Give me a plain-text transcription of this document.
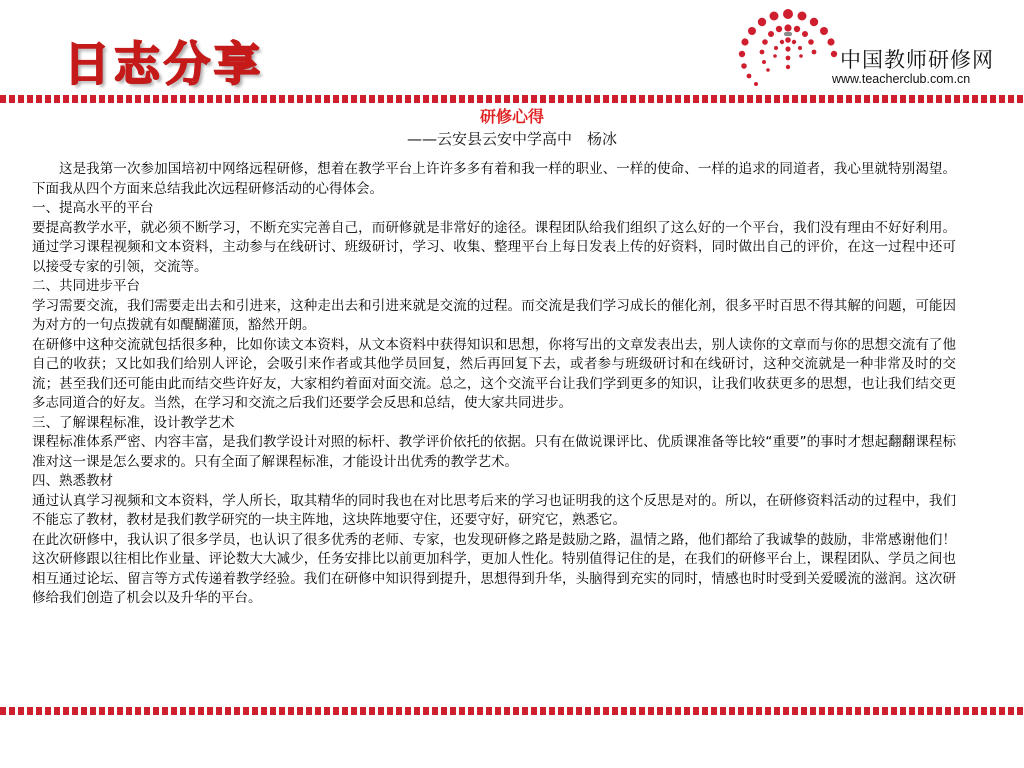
日志分享	中国教师研修网
www.teacherclub.com.cn
研修心得
——云安县云安中学高中　杨冰

这是我第一次参加国培初中网络远程研修，想着在教学平台上许许多多有着和我一样的职业、一样的使命、一样的追求的同道者，我心里就特别渴望。下面我从四个方面来总结我此次远程研修活动的心得体会。

一、提高水平的平台

要提高教学水平，就必须不断学习，不断充实完善自己，而研修就是非常好的途径。课程团队给我们组织了这么好的一个平台，我们没有理由不好好利用。通过学习课程视频和文本资料，主动参与在线研讨、班级研讨，学习、收集、整理平台上每日发表上传的好资料，同时做出自己的评价，在这一过程中还可以接受专家的引领，交流等。

二、共同进步平台

学习需要交流，我们需要走出去和引进来，这种走出去和引进来就是交流的过程。而交流是我们学习成长的催化剂，很多平时百思不得其解的问题，可能因为对方的一句点拨就有如醍醐灌顶，豁然开朗。

在研修中这种交流就包括很多种，比如你读文本资料，从文本资料中获得知识和思想，你将写出的文章发表出去，别人读你的文章而与你的思想交流有了他自己的收获；又比如我们给别人评论，会吸引来作者或其他学员回复，然后再回复下去，或者参与班级研讨和在线研讨，这种交流就是一种非常及时的交流；甚至我们还可能由此而结交些许好友，大家相约着面对面交流。总之，这个交流平台让我们学到更多的知识，让我们收获更多的思想，也让我们结交更多志同道合的好友。当然，在学习和交流之后我们还要学会反思和总结，使大家共同进步。

三、了解课程标准，设计教学艺术

课程标准体系严密、内容丰富，是我们教学设计对照的标杆、教学评价依托的依据。只有在做说课评比、优质课准备等比较“重要”的事时才想起翻翻课程标准对这一课是怎么要求的。只有全面了解课程标准，才能设计出优秀的教学艺术。

四、熟悉教材

通过认真学习视频和文本资料，学人所长，取其精华的同时我也在对比思考后来的学习也证明我的这个反思是对的。所以，在研修资料活动的过程中，我们不能忘了教材，教材是我们教学研究的一块主阵地，这块阵地要守住，还要守好，研究它，熟悉它。

在此次研修中，我认识了很多学员，也认识了很多优秀的老师、专家，也发现研修之路是鼓励之路，温情之路，他们都给了我诚挚的鼓励，非常感谢他们！这次研修跟以往相比作业量、评论数大大减少，任务安排比以前更加科学，更加人性化。特别值得记住的是，在我们的研修平台上，课程团队、学员之间也相互通过论坛、留言等方式传递着教学经验。我们在研修中知识得到提升，思想得到升华，头脑得到充实的同时，情感也时时受到关爱暖流的滋润。这次研修给我们创造了机会以及升华的平台。
